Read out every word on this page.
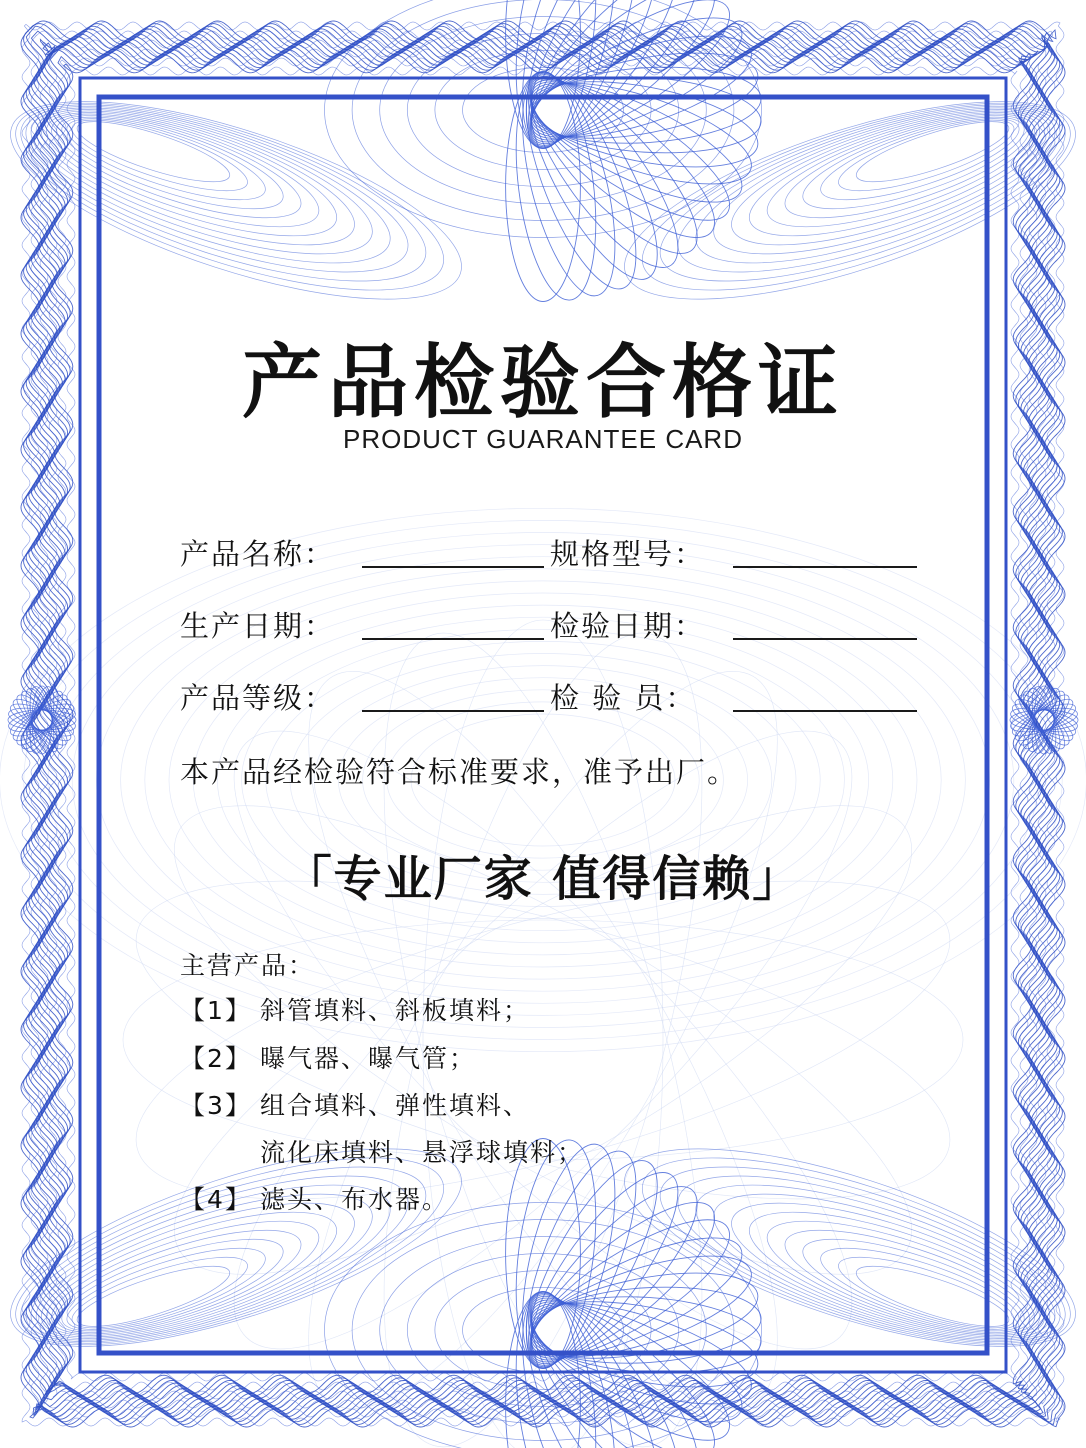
产品检验合格证
PRODUCT GUARANTEE CARD
产品名称：	规格型号：
生产日期：	检验日期：
产品等级：	检 验 员：
本产品经检验符合标准要求，准予出厂。
「专业厂家 值得信赖」
主营产品：
【1】 斜管填料、斜板填料；
【2】 曝气器、曝气管；
【3】 组合填料、弹性填料、
流化床填料、悬浮球填料；
【4】 滤头、布水器。
